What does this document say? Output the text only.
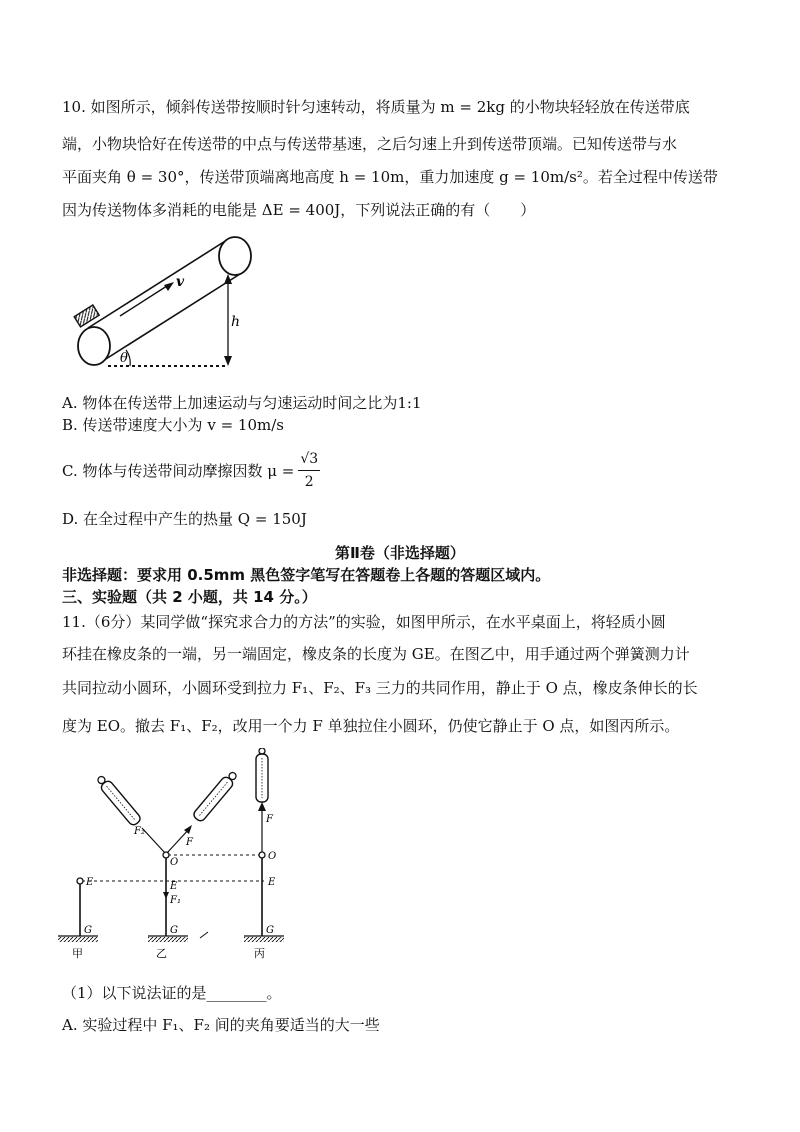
10. 如图所示，倾斜传送带按顺时针匀速转动，将质量为 m = 2kg 的小物块轻轻放在传送带底
端，小物块恰好在传送带的中点与传送带基速，之后匀速上升到传送带顶端。已知传送带与水
平面夹角 θ = 30°，传送带顶端离地高度 h = 10m，重力加速度 g = 10m/s²。若全过程中传送带
因为传送物体多消耗的电能是 ΔE = 400J，下列说法正确的有（　　）
v
h
θ
A. 物体在传送带上加速运动与匀速运动时间之比为1:1
B. 传送带速度大小为 v = 10m/s
C. 物体与传送带间动摩擦因数 $\mu = \frac{√3}{2}$
D. 在全过程中产生的热量 Q = 150J
第Ⅱ卷（非选择题）
非选择题：要求用 0.5mm 黑色签字笔写在答题卷上各题的答题区域内。
三、实验题（共 2 小题，共 14 分。）
11.（6分）某同学做“探究求合力的方法”的实验，如图甲所示，在水平桌面上，将轻质小圆
环挂在橡皮条的一端，另一端固定，橡皮条的长度为 GE。在图乙中，用手通过两个弹簧测力计
共同拉动小圆环，小圆环受到拉力 F₁、F₂、F₃ 三力的共同作用，静止于 O 点，橡皮条伸长的长
度为 EO。撤去 F₁、F₂，改用一个力 F 单独拉住小圆环，仍使它静止于 O 点，如图丙所示。
E
G
甲
F₂
F
O
E
F₁
G
乙
F
O
E
G
丙
（1）以下说法证的是________。
A. 实验过程中 F₁、F₂ 间的夹角要适当的大一些
